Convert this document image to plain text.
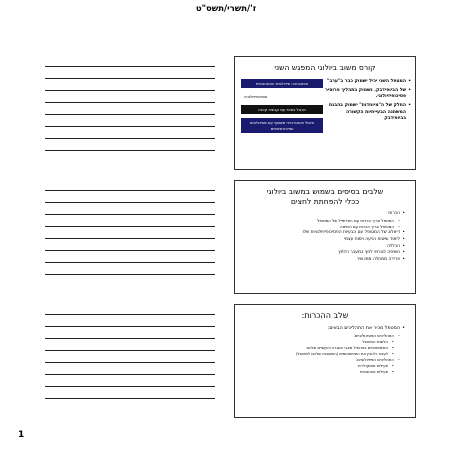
ז'/תשרי/תשס"ט
קורס משוב ביולוגי המפגש השני
• המטפל השני יכיל ישמוק כבר ב"ערב"
• של הביופידבק. נשמוק בתהליך פרוסיר פסיכופיזיולוגי.
• החלק של ה"מיוחדות" ישמוק בהבנת המשתנה הבעייתיות הקשורה בביופידבק
אינטגרציה פיזיולוגית והתנהגותית
פסיכופיזיולוגיה
תרגול בסיסי עם קבוצה קטנה
טיפול אינטגרטיבי משותף עם פסיכולוגים ופזיותרפיסטים
שלבים בסיסים בשמוש במשוב ביולוגי
ככלי להפחתת לחצים
• הכרות
– המטפל צריך הכרות עם הפרופיל של המטופל
– המטופל צריך הכרות עם השיטה
• דיאלוג של המטופל עם הבעיות הפסיכופיזיולוגיות שלו
• לימוד שיטות רגיעה ויסות עצמי
• הכללה
• חשיפה לגורמי לחץ במעבר הלחץ
• פרידה ממחלה ממכשיר
שלב ההכרות:
• המטפל מכיר את התהליכים הבאים:
– התהליכים הפסיכולוגיים:
• הלשנת המטופל
• הסימפטומים בפרופיל מצבי השגרה והקשיים שלהם
• לעצור ולהבין את הסימפטומים (התשובות שלהם למטופל)
– התהליכים הפיזיולוגיים:
• פעילות מוסקולרית
• פעילות אוטונומית
1
